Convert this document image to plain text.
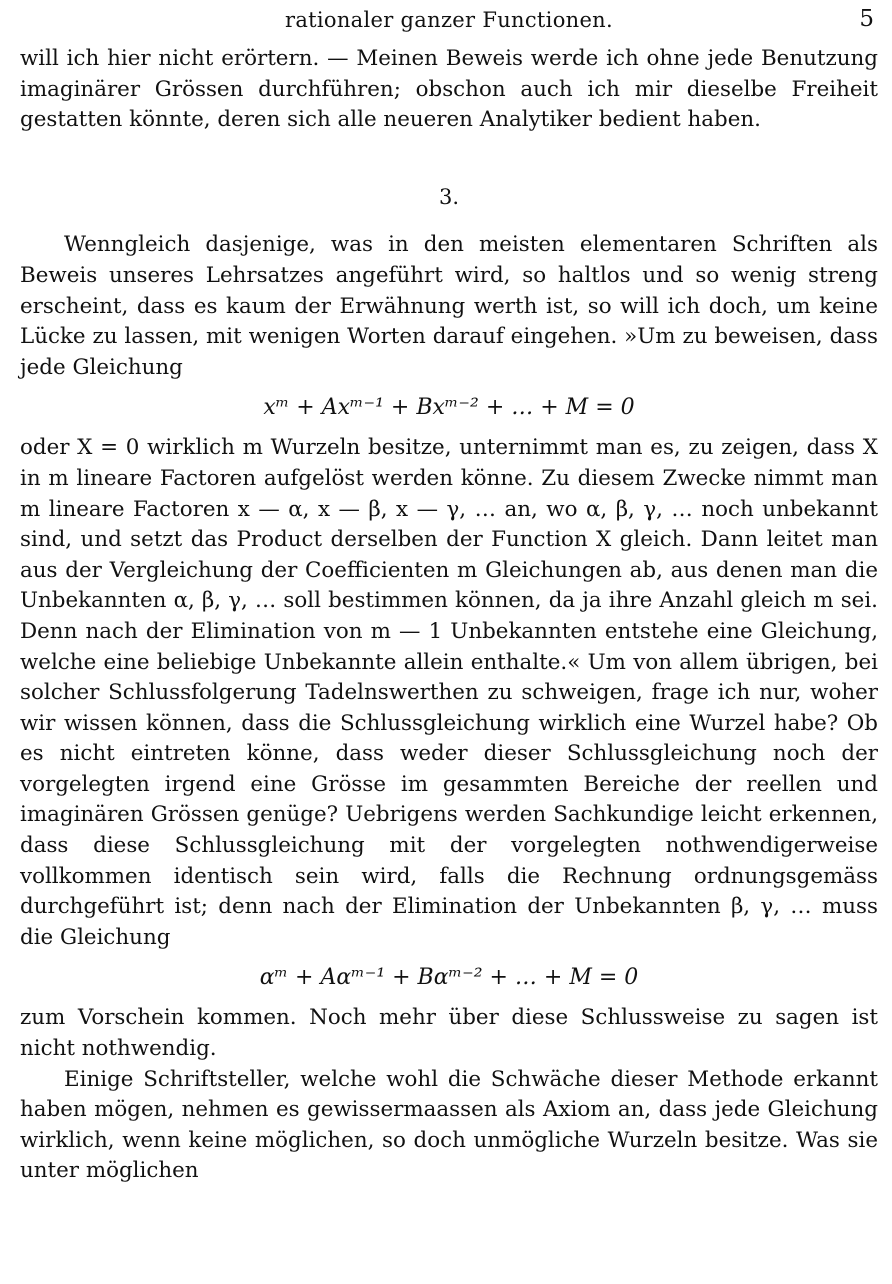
rationaler ganzer Functionen.	5

will ich hier nicht erörtern. — Meinen Beweis werde ich ohne jede Benutzung imaginärer Grössen durchführen; obschon auch ich mir dieselbe Freiheit gestatten könnte, deren sich alle neueren Analytiker bedient haben.

3.

Wenngleich dasjenige, was in den meisten elementaren Schriften als Beweis unseres Lehrsatzes angeführt wird, so haltlos und so wenig streng erscheint, dass es kaum der Erwähnung werth ist, so will ich doch, um keine Lücke zu lassen, mit wenigen Worten darauf eingehen. »Um zu beweisen, dass jede Gleichung

xᵐ + Axᵐ⁻¹ + Bxᵐ⁻² + … + M = 0

oder X = 0 wirklich m Wurzeln besitze, unternimmt man es, zu zeigen, dass X in m lineare Factoren aufgelöst werden könne. Zu diesem Zwecke nimmt man m lineare Factoren x — α, x — β, x — γ, … an, wo α, β, γ, … noch unbekannt sind, und setzt das Product derselben der Function X gleich. Dann leitet man aus der Vergleichung der Coefficienten m Gleichungen ab, aus denen man die Unbekannten α, β, γ, … soll bestimmen können, da ja ihre Anzahl gleich m sei. Denn nach der Elimination von m — 1 Unbekannten entstehe eine Gleichung, welche eine beliebige Unbekannte allein enthalte.« Um von allem übrigen, bei solcher Schlussfolgerung Tadelnswerthen zu schweigen, frage ich nur, woher wir wissen können, dass die Schlussgleichung wirklich eine Wurzel habe? Ob es nicht eintreten könne, dass weder dieser Schlussgleichung noch der vorgelegten irgend eine Grösse im gesammten Bereiche der reellen und imaginären Grössen genüge? Uebrigens werden Sachkundige leicht erkennen, dass diese Schlussgleichung mit der vorgelegten nothwendigerweise vollkommen identisch sein wird, falls die Rechnung ordnungsgemäss durchgeführt ist; denn nach der Elimination der Unbekannten β, γ, … muss die Gleichung

αᵐ + Aαᵐ⁻¹ + Bαᵐ⁻² + … + M = 0

zum Vorschein kommen. Noch mehr über diese Schlussweise zu sagen ist nicht nothwendig.

Einige Schriftsteller, welche wohl die Schwäche dieser Methode erkannt haben mögen, nehmen es gewissermaassen als Axiom an, dass jede Gleichung wirklich, wenn keine möglichen, so doch unmögliche Wurzeln besitze. Was sie unter möglichen
